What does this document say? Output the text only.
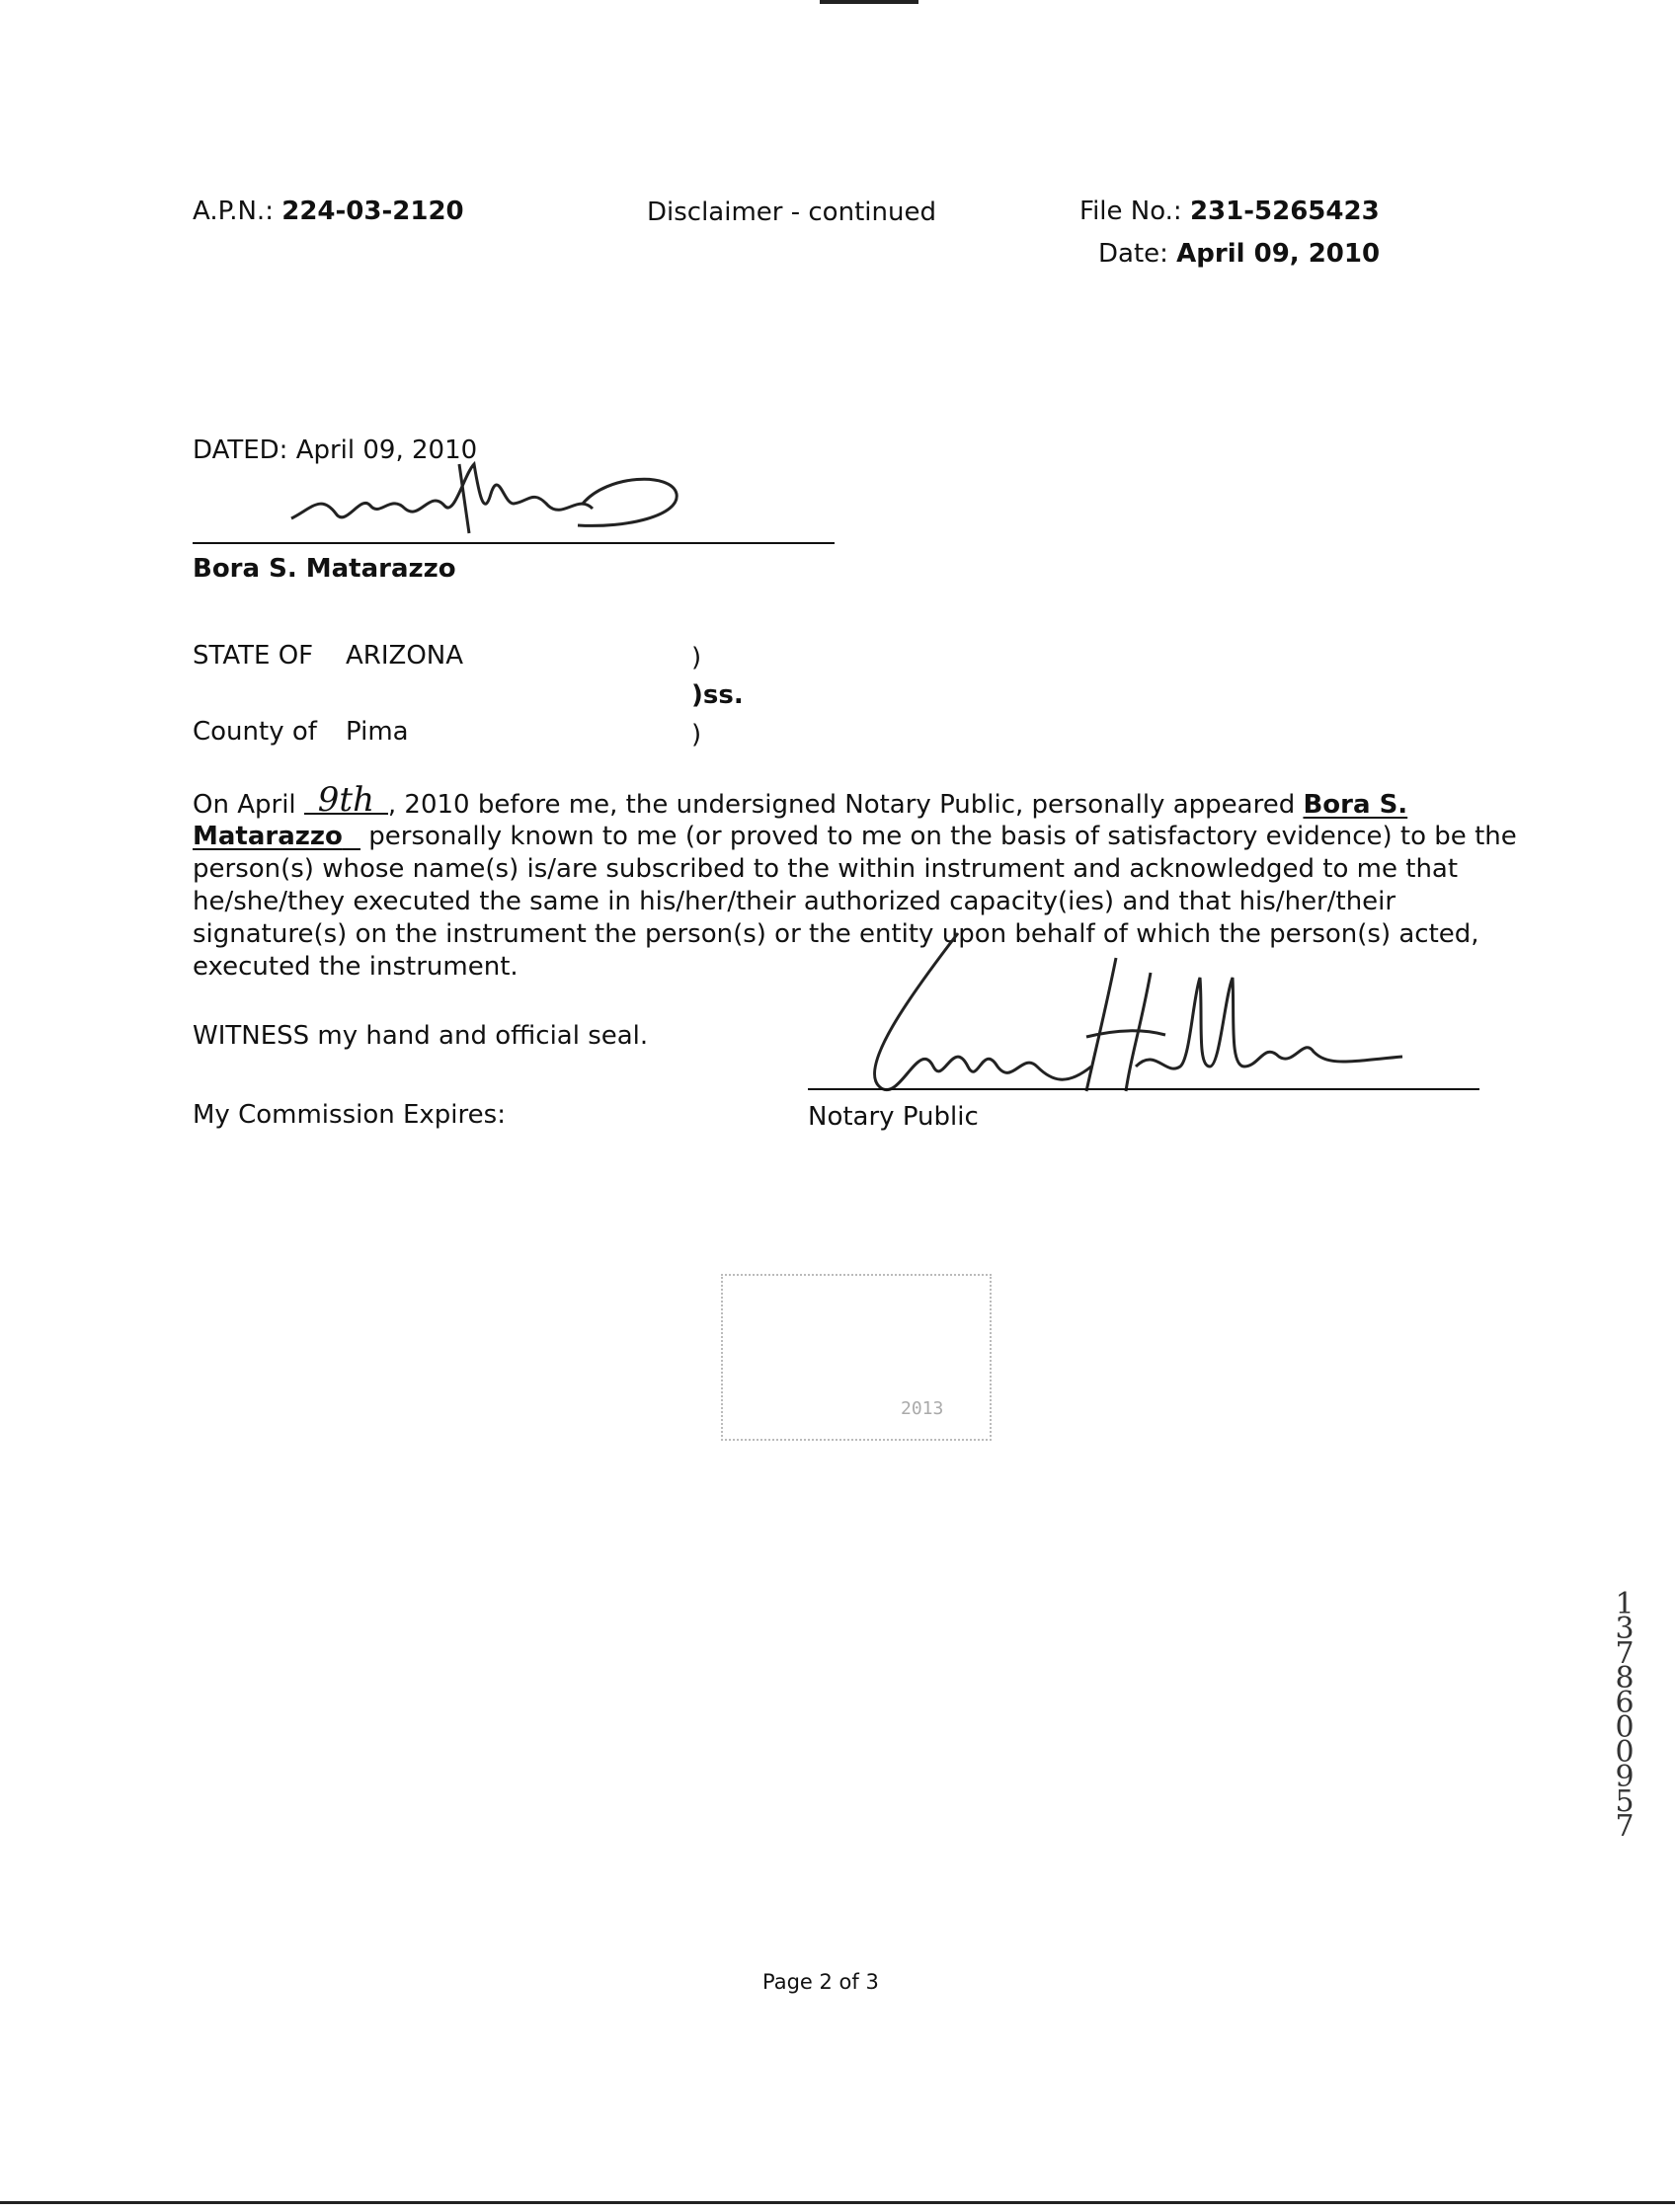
A.P.N.: 224-03-2120	Disclaimer - continued	File No.: 231-5265423
Date: April 09, 2010
DATED: April 09, 2010
Bora S. Matarazzo
STATE OF ARIZONA	)
)ss.
County of Pima	)
On April 9th , 2010 before me, the undersigned Notary Public, personally appeared Bora S.
Matarazzo   personally known to me (or proved to me on the basis of satisfactory evidence) to be the
person(s) whose name(s) is/are subscribed to the within instrument and acknowledged to me that
he/she/they executed the same in his/her/their authorized capacity(ies) and that his/her/their
signature(s) on the instrument the person(s) or the entity upon behalf of which the person(s) acted,
executed the instrument.
WITNESS my hand and official seal.
My Commission Expires:	Notary Public
2013
1
3
7
8
6
0
0
9
5
7
Page 2 of 3
